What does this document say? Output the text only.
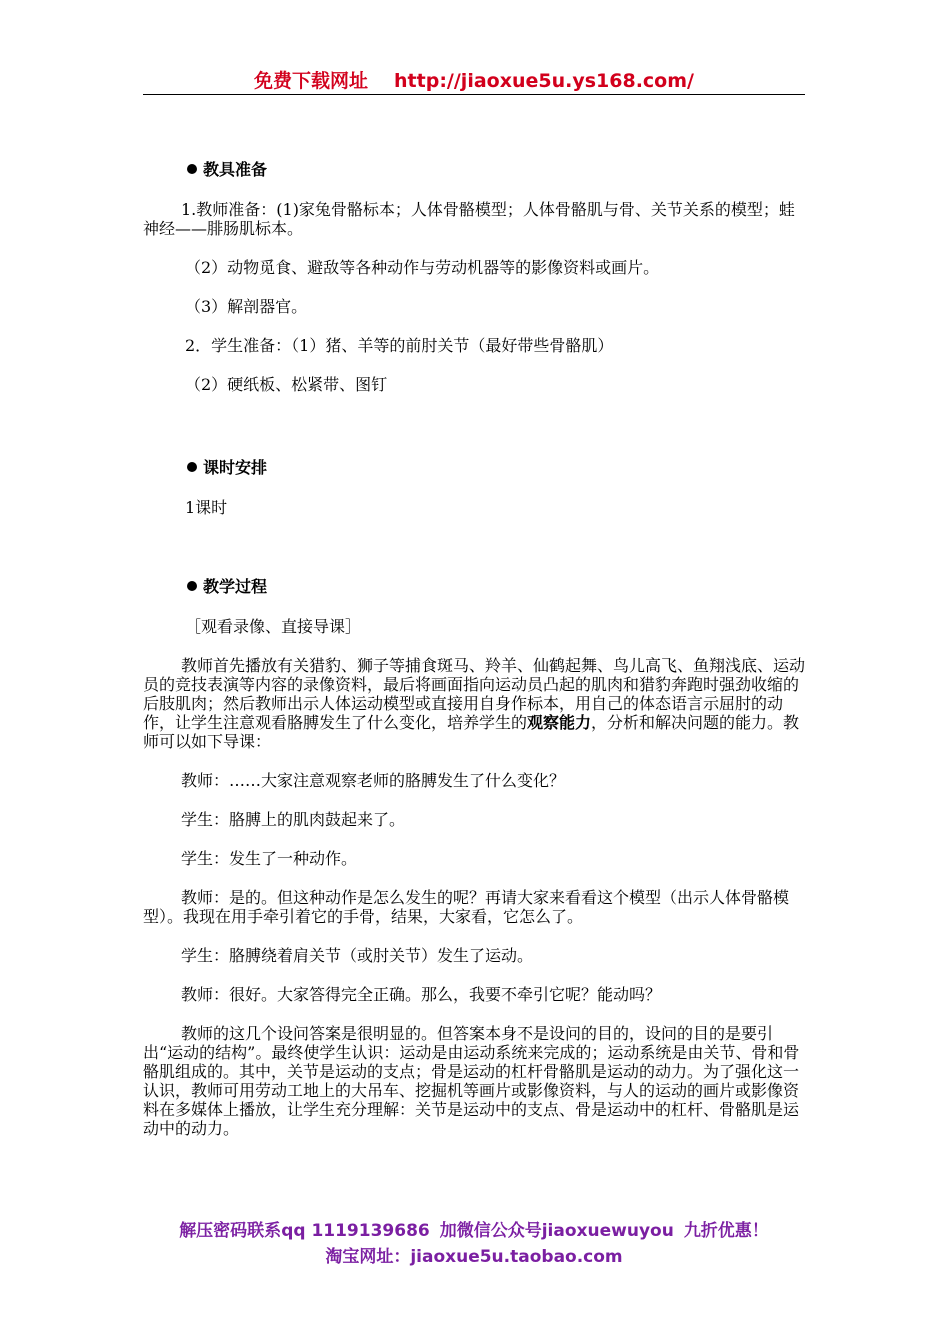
免费下载网址 http://jiaoxue5u.ys168.com/
教具准备

1.教师准备：(1)家兔骨骼标本；人体骨骼模型；人体骨骼肌与骨、关节关系的模型；蛙神经——腓肠肌标本。

（2）动物觅食、避敌等各种动作与劳动机器等的影像资料或画片。

（3）解剖器官。

2．学生准备：（1）猪、羊等的前肘关节（最好带些骨骼肌）

（2）硬纸板、松紧带、图钉

课时安排

1课时

教学过程

［观看录像、直接导课］

教师首先播放有关猎豹、狮子等捕食斑马、羚羊、仙鹤起舞、鸟儿高飞、鱼翔浅底、运动员的竞技表演等内容的录像资料，最后将画面指向运动员凸起的肌肉和猎豹奔跑时强劲收缩的后肢肌肉；然后教师出示人体运动模型或直接用自身作标本，用自己的体态语言示屈肘的动作，让学生注意观看胳膊发生了什么变化，培养学生的观察能力，分析和解决问题的能力。教师可以如下导课：

教师：……大家注意观察老师的胳膊发生了什么变化？

学生：胳膊上的肌肉鼓起来了。

学生：发生了一种动作。

教师：是的。但这种动作是怎么发生的呢？再请大家来看看这个模型（出示人体骨骼模型）。我现在用手牵引着它的手骨，结果，大家看，它怎么了。

学生：胳膊绕着肩关节（或肘关节）发生了运动。

教师：很好。大家答得完全正确。那么，我要不牵引它呢？能动吗？

教师的这几个设问答案是很明显的。但答案本身不是设问的目的，设问的目的是要引出“运动的结构”。最终使学生认识：运动是由运动系统来完成的；运动系统是由关节、骨和骨骼肌组成的。其中，关节是运动的支点；骨是运动的杠杆骨骼肌是运动的动力。为了强化这一认识，教师可用劳动工地上的大吊车、挖掘机等画片或影像资料，与人的运动的画片或影像资料在多媒体上播放，让学生充分理解：关节是运动中的支点、骨是运动中的杠杆、骨骼肌是运动中的动力。

解压密码联系qq 1119139686 加微信公众号jiaoxuewuyou 九折优惠！
淘宝网址：jiaoxue5u.taobao.com
